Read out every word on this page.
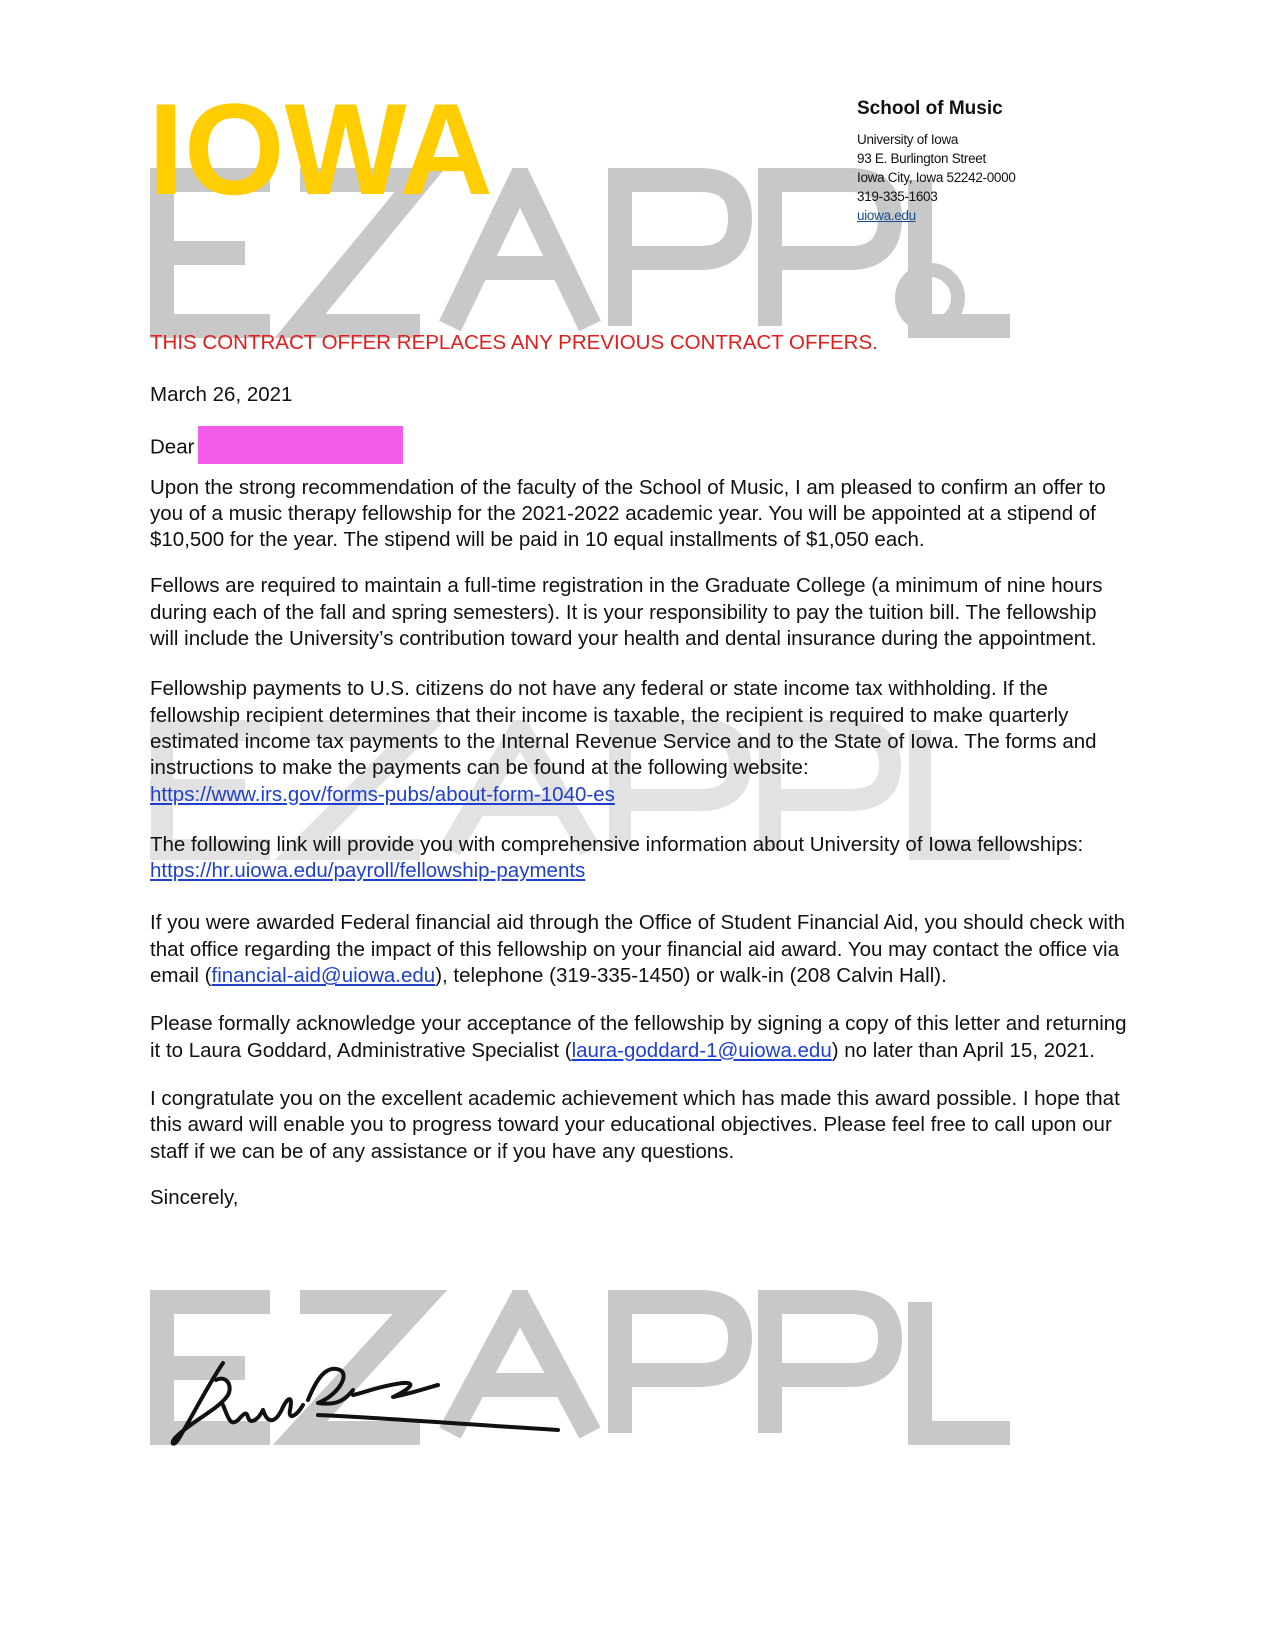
IOWA	School of Music
University of Iowa
93 E. Burlington Street
Iowa City, Iowa 52242-0000
319-335-1603
uiowa.edu

THIS CONTRACT OFFER REPLACES ANY PREVIOUS CONTRACT OFFERS.

March 26, 2021

Dear

Upon the strong recommendation of the faculty of the School of Music, I am pleased to confirm an offer to you of a music therapy fellowship for the 2021-2022 academic year. You will be appointed at a stipend of $10,500 for the year. The stipend will be paid in 10 equal installments of $1,050 each.

Fellows are required to maintain a full-time registration in the Graduate College (a minimum of nine hours during each of the fall and spring semesters). It is your responsibility to pay the tuition bill. The fellowship will include the University’s contribution toward your health and dental insurance during the appointment.

Fellowship payments to U.S. citizens do not have any federal or state income tax withholding. If the fellowship recipient determines that their income is taxable, the recipient is required to make quarterly estimated income tax payments to the Internal Revenue Service and to the State of Iowa. The forms and instructions to make the payments can be found at the following website:
https://www.irs.gov/forms-pubs/about-form-1040-es

The following link will provide you with comprehensive information about University of Iowa fellowships: https://hr.uiowa.edu/payroll/fellowship-payments

If you were awarded Federal financial aid through the Office of Student Financial Aid, you should check with that office regarding the impact of this fellowship on your financial aid award. You may contact the office via email (financial-aid@uiowa.edu), telephone (319-335-1450) or walk-in (208 Calvin Hall).

Please formally acknowledge your acceptance of the fellowship by signing a copy of this letter and returning it to Laura Goddard, Administrative Specialist (laura-goddard-1@uiowa.edu) no later than April 15, 2021.

I congratulate you on the excellent academic achievement which has made this award possible. I hope that this award will enable you to progress toward your educational objectives. Please feel free to call upon our staff if we can be of any assistance or if you have any questions.

Sincerely,
